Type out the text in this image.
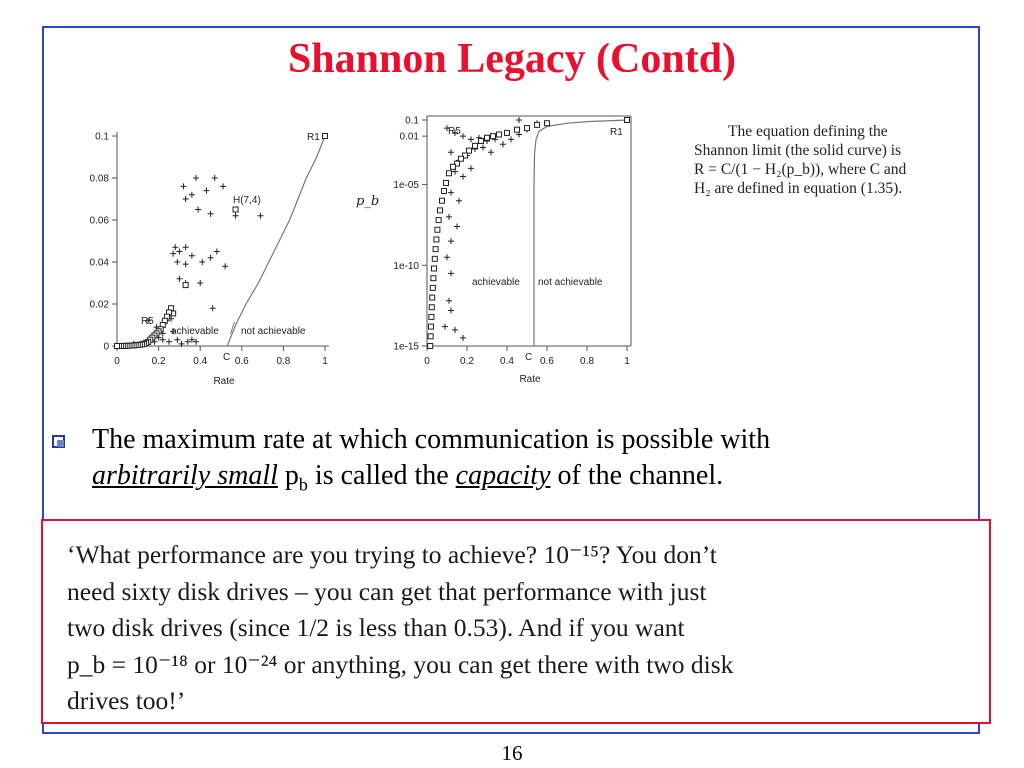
Shannon Legacy (Contd)
0
0.02
0.04
0.06
0.08
0.1
0	0.2	0.4	0.6	0.8	1
R1
R5
H(7,4)
C
achievable not achievable
Rate
1e-15
1e-10
1e-05
0.01
0.1
0	0.2	0.4	0.6	0.8	1
R1
R5
C
achievable not achievable
Rate
p_b
The equation defining the
Shannon limit (the solid curve) is
R = C/(1 − H₂(p_b)), where C and
H₂ are defined in equation (1.35).
The maximum rate at which communication is possible with
arbitrarily small $p_b$ is called the capacity of the channel.
‘What performance are you trying to achieve? 10⁻¹⁵? You don’t
need sixty disk drives – you can get that performance with just
two disk drives (since 1/2 is less than 0.53). And if you want
p_b = 10⁻¹⁸ or 10⁻²⁴ or anything, you can get there with two disk
drives too!’
16
